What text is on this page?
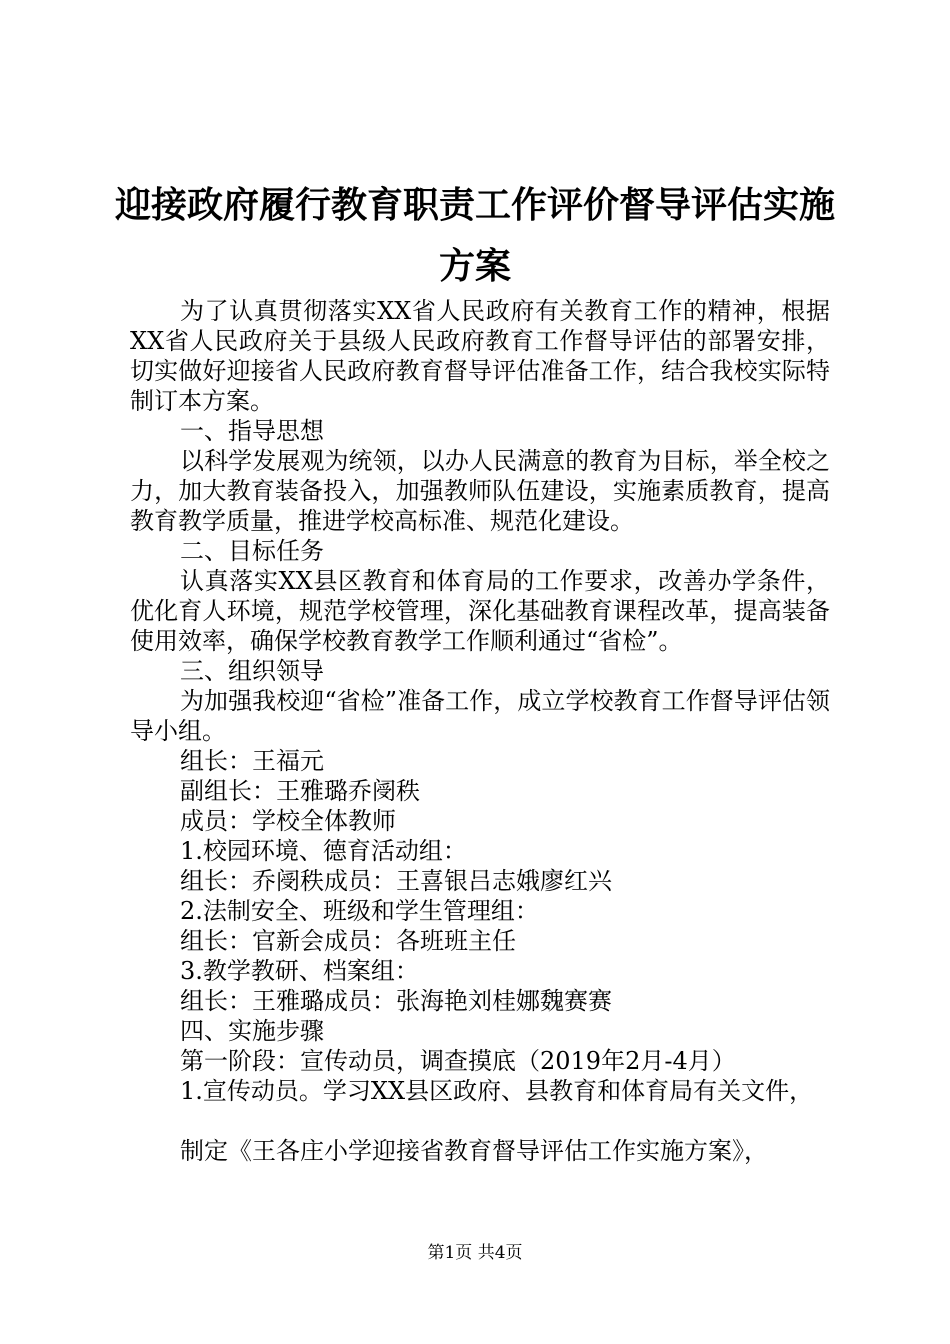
迎接政府履行教育职责工作评价督导评估实施
方案

为了认真贯彻落实XX省人民政府有关教育工作的精神，根据XX省人民政府关于县级人民政府教育工作督导评估的部署安排，切实做好迎接省人民政府教育督导评估准备工作，结合我校实际特制订本方案。

一、指导思想

以科学发展观为统领，以办人民满意的教育为目标，举全校之力，加大教育装备投入，加强教师队伍建设，实施素质教育，提高教育教学质量，推进学校高标准、规范化建设。

二、目标任务

认真落实XX县区教育和体育局的工作要求，改善办学条件，优化育人环境，规范学校管理，深化基础教育课程改革，提高装备使用效率，确保学校教育教学工作顺利通过“省检”。

三、组织领导

为加强我校迎“省检”准备工作，成立学校教育工作督导评估领导小组。

组长：王福元

副组长：王雅璐乔阌秩

成员：学校全体教师

1.校园环境、德育活动组：

组长：乔阌秩成员：王喜银吕志娥廖红兴

2.法制安全、班级和学生管理组：

组长：官新会成员：各班班主任

3.教学教研、档案组：

组长：王雅璐成员：张海艳刘桂娜魏赛赛

四、实施步骤

第一阶段：宣传动员，调查摸底（2019年2月-4月）

1.宣传动员。学习XX县区政府、县教育和体育局有关文件，

制定《王各庄小学迎接省教育督导评估工作实施方案》，

第1页 共4页
